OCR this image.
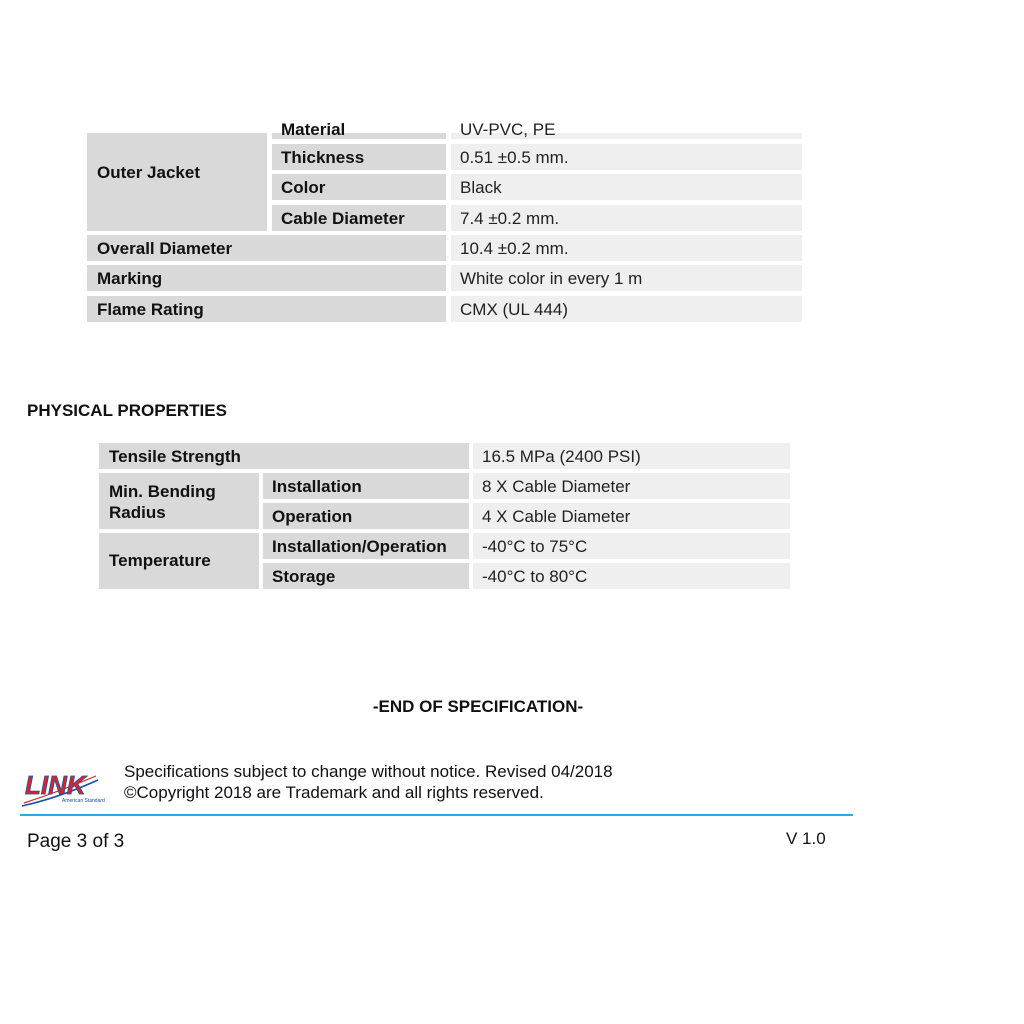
Material	UV-PVC, PE
Outer Jacket
Thickness	0.51 ±0.5 mm.
Color	Black
Cable Diameter	7.4 ±0.2 mm.
Overall Diameter	10.4 ±0.2 mm.
Marking	White color in every 1 m
Flame Rating	CMX (UL 444)
PHYSICAL PROPERTIES
Tensile Strength	16.5 MPa (2400 PSI)
Min. Bending Radius
Installation	8 X Cable Diameter
Operation	4 X Cable Diameter
Temperature
Installation/Operation	-40°C to 75°C
Storage	-40°C to 80°C
-END OF SPECIFICATION-
LINK
American Standard
Specifications subject to change without notice. Revised 04/2018
©Copyright 2018 are Trademark and all rights reserved.
Page 3 of 3	V 1.0
